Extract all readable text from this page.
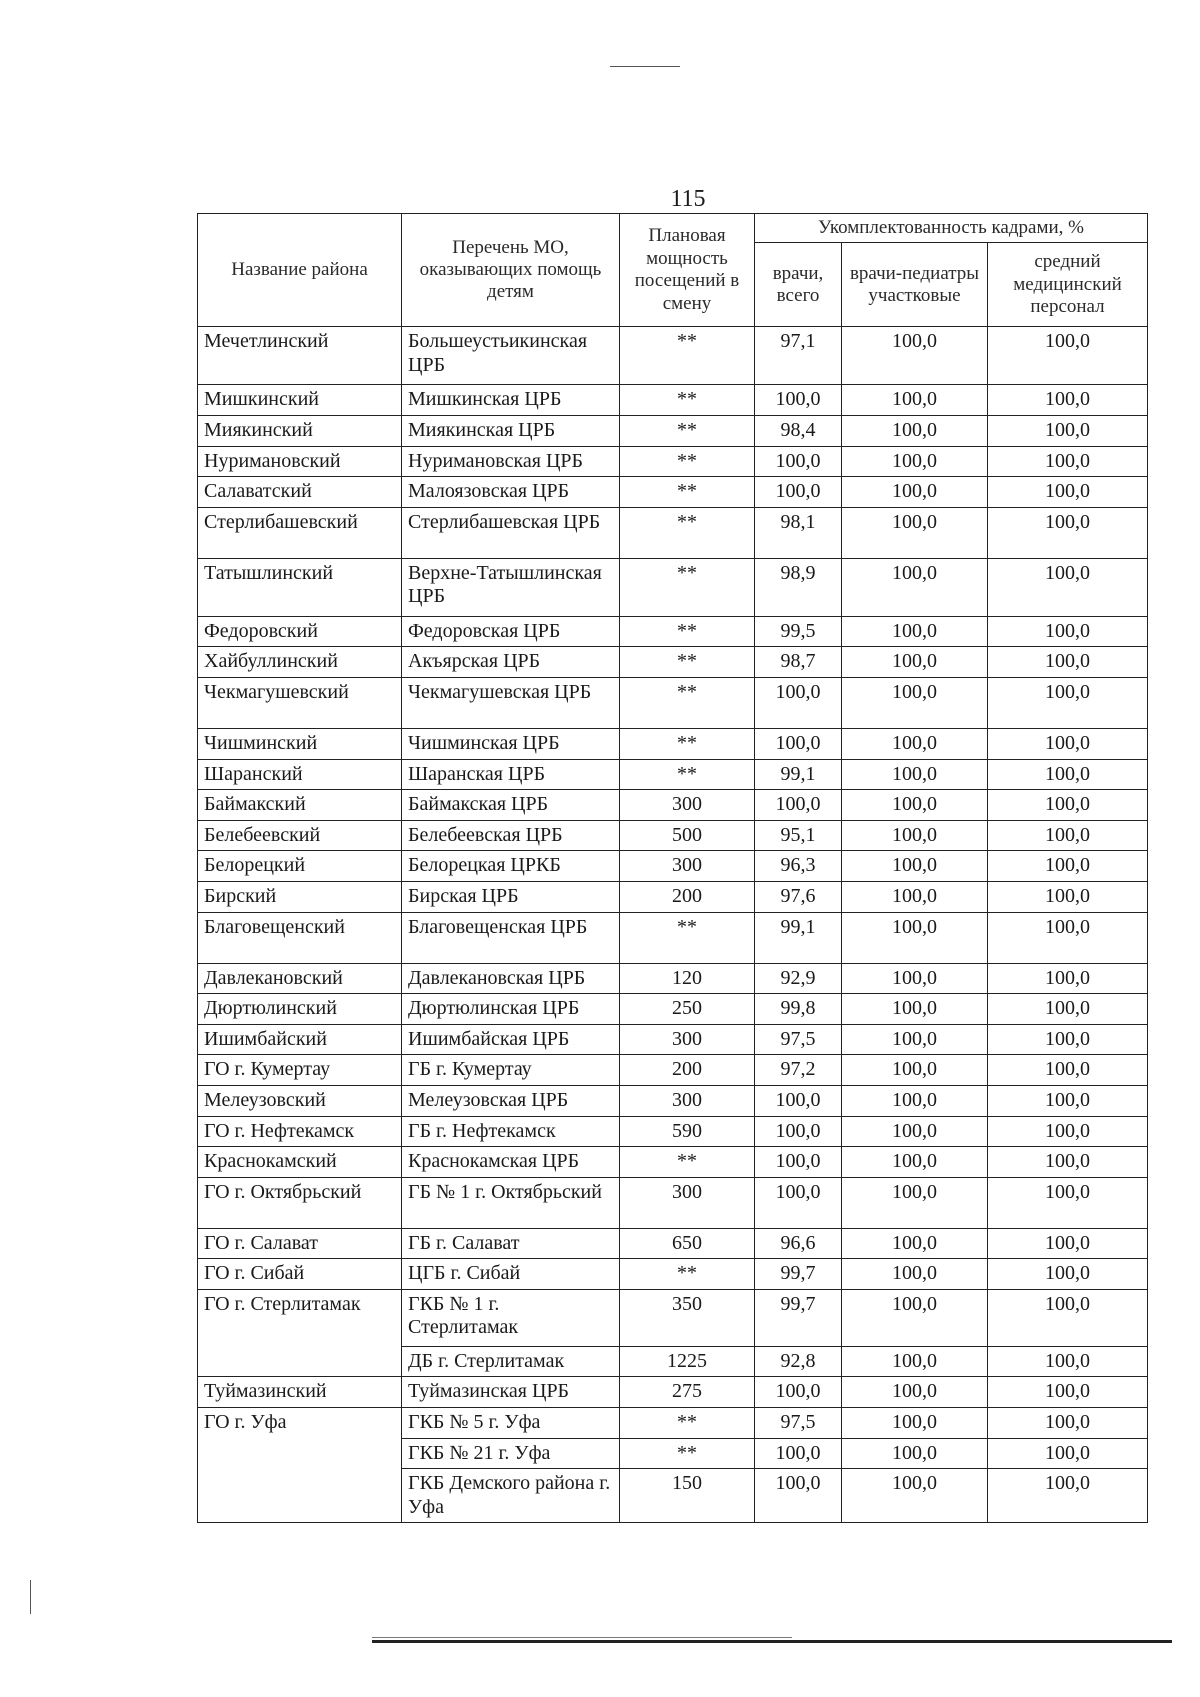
115
Название района	Перечень МО, оказывающих помощь детям	Плановая мощность посещений в смену	Укомплектованность кадрами, %		
			врачи, всего	врачи-педиатры участковые	средний медицинский персонал
Мечетлинский	Большеустьикинская ЦРБ	**	97,1	100,0	100,0
Мишкинский	Мишкинская ЦРБ	**	100,0	100,0	100,0
Миякинский	Миякинская ЦРБ	**	98,4	100,0	100,0
Нуримановский	Нуримановская ЦРБ	**	100,0	100,0	100,0
Салаватский	Малоязовская ЦРБ	**	100,0	100,0	100,0
Стерлибашевский	Стерлибашевская ЦРБ	**	98,1	100,0	100,0
Татышлинский	Верхне-Татышлинская ЦРБ	**	98,9	100,0	100,0
Федоровский	Федоровская ЦРБ	**	99,5	100,0	100,0
Хайбуллинский	Акъярская ЦРБ	**	98,7	100,0	100,0
Чекмагушевский	Чекмагушевская ЦРБ	**	100,0	100,0	100,0
Чишминский	Чишминская ЦРБ	**	100,0	100,0	100,0
Шаранский	Шаранская ЦРБ	**	99,1	100,0	100,0
Баймакский	Баймакская ЦРБ	300	100,0	100,0	100,0
Белебеевский	Белебеевская ЦРБ	500	95,1	100,0	100,0
Белорецкий	Белорецкая ЦРКБ	300	96,3	100,0	100,0
Бирский	Бирская ЦРБ	200	97,6	100,0	100,0
Благовещенский	Благовещенская ЦРБ	**	99,1	100,0	100,0
Давлекановский	Давлекановская ЦРБ	120	92,9	100,0	100,0
Дюртюлинский	Дюртюлинская ЦРБ	250	99,8	100,0	100,0
Ишимбайский	Ишимбайская ЦРБ	300	97,5	100,0	100,0
ГО г. Кумертау	ГБ г. Кумертау	200	97,2	100,0	100,0
Мелеузовский	Мелеузовская ЦРБ	300	100,0	100,0	100,0
ГО г. Нефтекамск	ГБ г. Нефтекамск	590	100,0	100,0	100,0
Краснокамский	Краснокамская ЦРБ	**	100,0	100,0	100,0
ГО г. Октябрьский	ГБ № 1 г. Октябрьский	300	100,0	100,0	100,0
ГО г. Салават	ГБ г. Салават	650	96,6	100,0	100,0
ГО г. Сибай	ЦГБ г. Сибай	**	99,7	100,0	100,0
ГО г. Стерлитамак	ГКБ № 1 г. Стерлитамак	350	99,7	100,0	100,0
	ДБ г. Стерлитамак	1225	92,8	100,0	100,0
Туймазинский	Туймазинская ЦРБ	275	100,0	100,0	100,0
ГО г. Уфа	ГКБ № 5 г. Уфа	**	97,5	100,0	100,0
	ГКБ № 21 г. Уфа	**	100,0	100,0	100,0
	ГКБ Демского района г. Уфа	150	100,0	100,0	100,0
